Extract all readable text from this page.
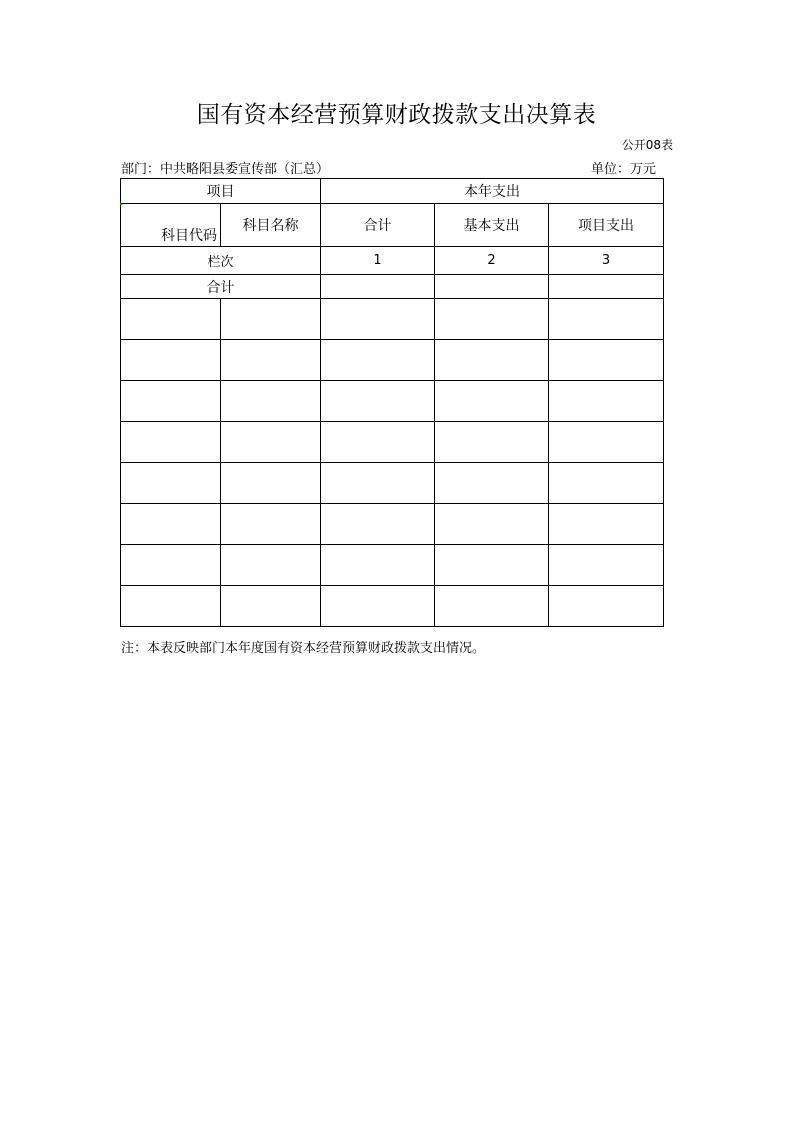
国有资本经营预算财政拨款支出决算表
公开08表
部门：中共略阳县委宣传部（汇总）	单位：万元
项目		本年支出		
科目代码	科目名称	合计	基本支出	项目支出
栏次		1	2	3
合计				

注：本表反映部门本年度国有资本经营预算财政拨款支出情况。
